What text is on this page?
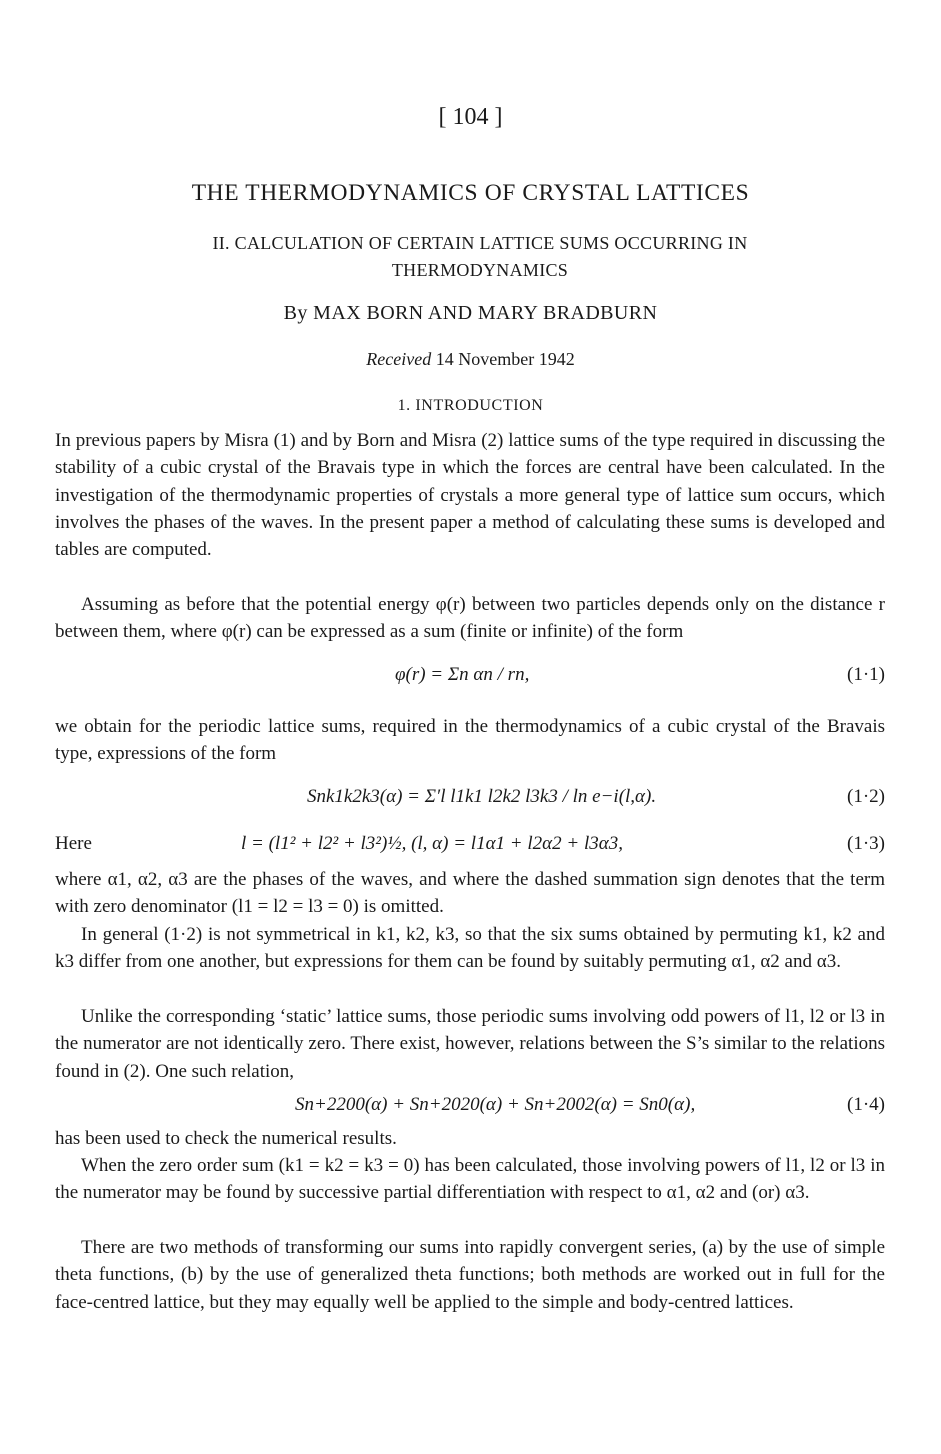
[ 104 ]
THE THERMODYNAMICS OF CRYSTAL LATTICES
II. CALCULATION OF CERTAIN LATTICE SUMS OCCURRING IN THERMODYNAMICS
By MAX BORN AND MARY BRADBURN
Received 14 November 1942
1. INTRODUCTION
In previous papers by Misra (1) and by Born and Misra (2) lattice sums of the type required in discussing the stability of a cubic crystal of the Bravais type in which the forces are central have been calculated. In the investigation of the thermodynamic properties of crystals a more general type of lattice sum occurs, which involves the phases of the waves. In the present paper a method of calculating these sums is developed and tables are computed.
Assuming as before that the potential energy φ(r) between two particles depends only on the distance r between them, where φ(r) can be expressed as a sum (finite or infinite) of the form
φ(r) = Σn αn / rn,	(1·1)
we obtain for the periodic lattice sums, required in the thermodynamics of a cubic crystal of the Bravais type, expressions of the form
Snk1k2k3(α) = Σ′l l1k1 l2k2 l3k3 / ln e−i(l,α).	(1·2)
Here	l = (l1² + l2² + l3²)½, (l, α) = l1α1 + l2α2 + l3α3,	(1·3)
where α1, α2, α3 are the phases of the waves, and where the dashed summation sign denotes that the term with zero denominator (l1 = l2 = l3 = 0) is omitted.
In general (1·2) is not symmetrical in k1, k2, k3, so that the six sums obtained by permuting k1, k2 and k3 differ from one another, but expressions for them can be found by suitably permuting α1, α2 and α3.
Unlike the corresponding ‘static’ lattice sums, those periodic sums involving odd powers of l1, l2 or l3 in the numerator are not identically zero. There exist, however, relations between the S’s similar to the relations found in (2). One such relation,
Sn+2200(α) + Sn+2020(α) + Sn+2002(α) = Sn0(α),	(1·4)
has been used to check the numerical results.
When the zero order sum (k1 = k2 = k3 = 0) has been calculated, those involving powers of l1, l2 or l3 in the numerator may be found by successive partial differentiation with respect to α1, α2 and (or) α3.
There are two methods of transforming our sums into rapidly convergent series, (a) by the use of simple theta functions, (b) by the use of generalized theta functions; both methods are worked out in full for the face-centred lattice, but they may equally well be applied to the simple and body-centred lattices.
